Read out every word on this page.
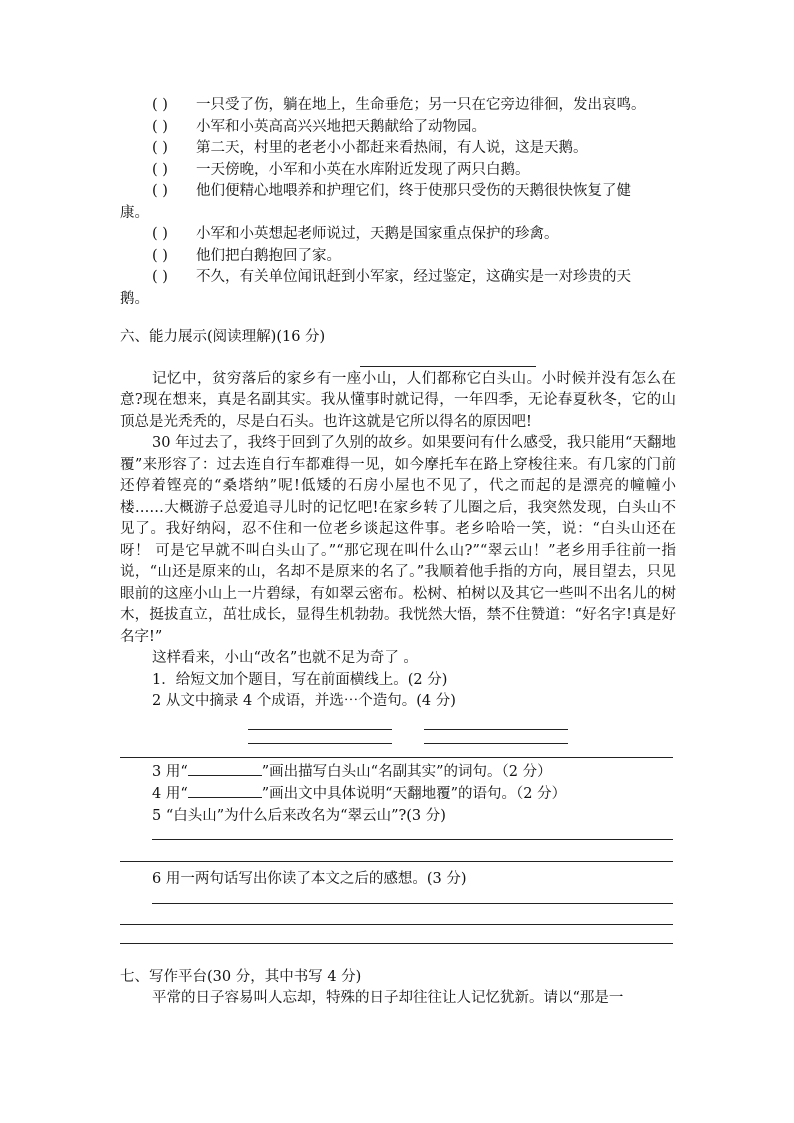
( ) 一只受了伤，躺在地上，生命垂危；另一只在它旁边徘徊，发出哀鸣。
( ) 小军和小英高高兴兴地把天鹅献给了动物园。
( ) 第二天，村里的老老小小都赶来看热闹，有人说，这是天鹅。
( ) 一天傍晚，小军和小英在水库附近发现了两只白鹅。
( ) 他们便精心地喂养和护理它们，终于使那只受伤的天鹅很快恢复了健
康。
( ) 小军和小英想起老师说过，天鹅是国家重点保护的珍禽。
( ) 他们把白鹅抱回了家。
( ) 不久，有关单位闻讯赶到小军家，经过鉴定，这确实是一对珍贵的天
鹅。
六、能力展示(阅读理解)(16 分)
记忆中，贫穷落后的家乡有一座小山，人们都称它白头山。小时候并没有怎么在意?现在想来，真是名副其实。我从懂事时就记得，一年四季，无论春夏秋冬，它的山顶总是光秃秃的，尽是白石头。也许这就是它所以得名的原因吧!
30 年过去了，我终于回到了久别的故乡。如果要问有什么感受，我只能用“天翻地覆”来形容了：过去连自行车都难得一见，如今摩托车在路上穿梭往来。有几家的门前还停着铿亮的“桑塔纳”呢!低矮的石房小屋也不见了，代之而起的是漂亮的幢幢小楼……大概游子总爱追寻儿时的记忆吧!在家乡转了儿圈之后，我突然发现，白头山不见了。我好纳闷，忍不住和一位老乡谈起这件事。老乡哈哈一笑，说：“白头山还在呀！ 可是它早就不叫白头山了。”“那它现在叫什么山?”“翠云山！”老乡用手往前一指说，“山还是原来的山，名却不是原来的名了。”我顺着他手指的方向，展目望去，只见眼前的这座小山上一片碧绿，有如翠云密布。松树、柏树以及其它一些叫不出名儿的树木，挺拔直立，茁壮成长，显得生机勃勃。我恍然大悟，禁不住赞道：“好名字!真是好名字!”
这样看来，小山“改名”也就不足为奇了 。
1．给短文加个题目，写在前面横线上。(2 分)
2 从文中摘录 4 个成语，并选⋯个造句。(4 分)
3 用“	”画出描写白头山“名副其实”的词句。（2 分）
4 用“	”画出文中具体说明“天翻地覆”的语句。（2 分）
5 “白头山”为什么后来改名为“翠云山”?(3 分)
6 用一两句话写出你读了本文之后的感想。(3 分)
七、写作平台(30 分，其中书写 4 分)
平常的日子容易叫人忘却，特殊的日子却往往让人记忆犹新。请以“那是一
